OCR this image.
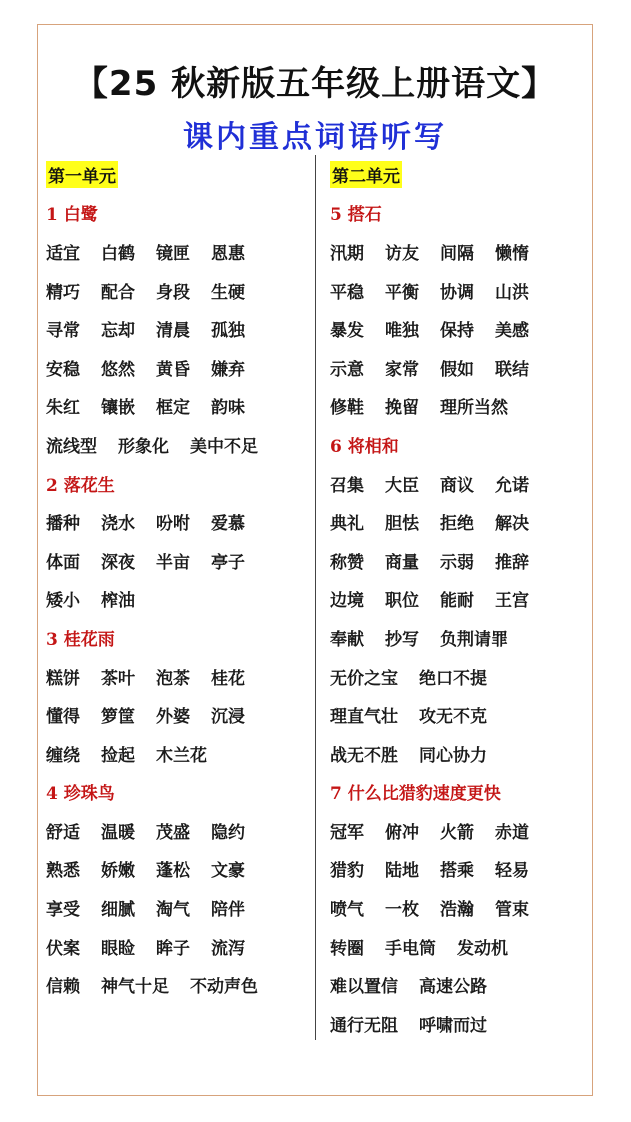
【25 秋新版五年级上册语文】
课内重点词语听写
第一单元
1 白鹭
适宜 白鹤 镜匣 恩惠
精巧 配合 身段 生硬
寻常 忘却 清晨 孤独
安稳 悠然 黄昏 嫌弃
朱红 镶嵌 框定 韵味
流线型 形象化 美中不足
2 落花生
播种 浇水 吩咐 爱慕
体面 深夜 半亩 亭子
矮小 榨油
3 桂花雨
糕饼 茶叶 泡茶 桂花
懂得 箩筐 外婆 沉浸
缠绕 捡起 木兰花
4 珍珠鸟
舒适 温暖 茂盛 隐约
熟悉 娇嫩 蓬松 文豪
享受 细腻 淘气 陪伴
伏案 眼睑 眸子 流泻
信赖 神气十足 不动声色
第二单元
5 搭石
汛期 访友 间隔 懒惰
平稳 平衡 协调 山洪
暴发 唯独 保持 美感
示意 家常 假如 联结
修鞋 挽留 理所当然
6 将相和
召集 大臣 商议 允诺
典礼 胆怯 拒绝 解决
称赞 商量 示弱 推辞
边境 职位 能耐 王宫
奉献 抄写 负荆请罪
无价之宝 绝口不提
理直气壮 攻无不克
战无不胜 同心协力
7 什么比猎豹速度更快
冠军 俯冲 火箭 赤道
猎豹 陆地 搭乘 轻易
喷气 一枚 浩瀚 管束
转圈 手电筒 发动机
难以置信 高速公路
通行无阻 呼啸而过
